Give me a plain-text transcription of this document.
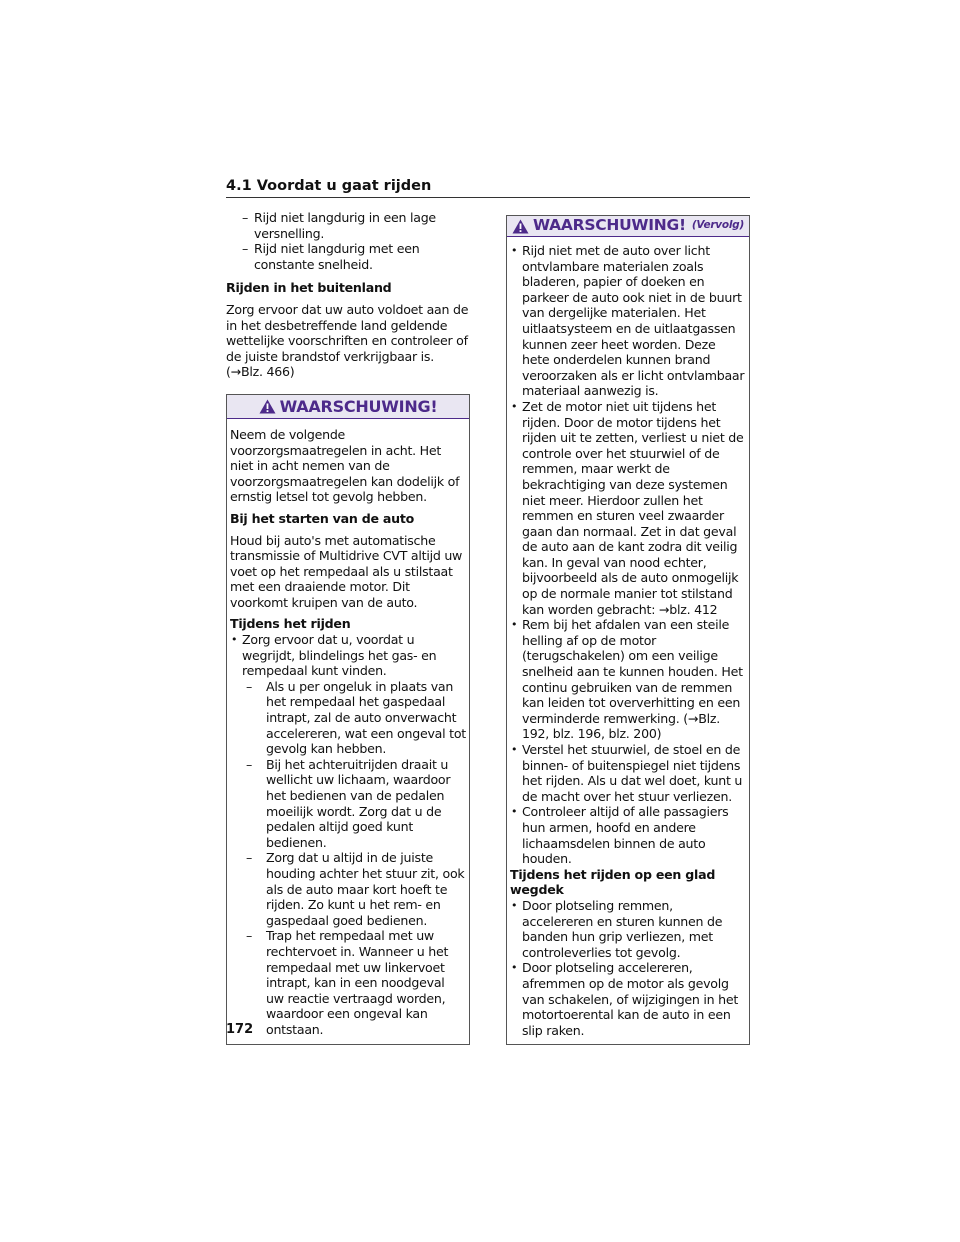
4.1 Voordat u gaat rijden
– Rijd niet langdurig in een lage versnelling.
– Rijd niet langdurig met een constante snelheid.

Rijden in het buitenland

Zorg ervoor dat uw auto voldoet aan de in het desbetreffende land geldende wettelijke voorschriften en controleer of de juiste brandstof verkrijgbaar is. (→Blz. 466)

WAARSCHUWING!

Neem de volgende voorzorgsmaatregelen in acht. Het niet in acht nemen van de voorzorgsmaatregelen kan dodelijk of ernstig letsel tot gevolg hebben.

Bij het starten van de auto

Houd bij auto's met automatische transmissie of Multidrive CVT altijd uw voet op het rempedaal als u stilstaat met een draaiende motor. Dit voorkomt kruipen van de auto.

Tijdens het rijden

• Zorg ervoor dat u, voordat u wegrijdt, blindelings het gas- en rempedaal kunt vinden.
– Als u per ongeluk in plaats van het rempedaal het gaspedaal intrapt, zal de auto onverwacht accelereren, wat een ongeval tot gevolg kan hebben.
– Bij het achteruitrijden draait u wellicht uw lichaam, waardoor het bedienen van de pedalen moeilijk wordt. Zorg dat u de pedalen altijd goed kunt bedienen.
– Zorg dat u altijd in de juiste houding achter het stuur zit, ook als de auto maar kort hoeft te rijden. Zo kunt u het rem- en gaspedaal goed bedienen.
– Trap het rempedaal met uw rechtervoet in. Wanneer u het rempedaal met uw linkervoet intrapt, kan in een noodgeval uw reactie vertraagd worden, waardoor een ongeval kan ontstaan.
WAARSCHUWING! (Vervolg)
• Rijd niet met de auto over licht ontvlambare materialen zoals bladeren, papier of doeken en parkeer de auto ook niet in de buurt van dergelijke materialen. Het uitlaatsysteem en de uitlaatgassen kunnen zeer heet worden. Deze hete onderdelen kunnen brand veroorzaken als er licht ontvlambaar materiaal aanwezig is.
• Zet de motor niet uit tijdens het rijden. Door de motor tijdens het rijden uit te zetten, verliest u niet de controle over het stuurwiel of de remmen, maar werkt de bekrachtiging van deze systemen niet meer. Hierdoor zullen het remmen en sturen veel zwaarder gaan dan normaal. Zet in dat geval de auto aan de kant zodra dit veilig kan. In geval van nood echter, bijvoorbeeld als de auto onmogelijk op de normale manier tot stilstand kan worden gebracht: →blz. 412
• Rem bij het afdalen van een steile helling af op de motor (terugschakelen) om een veilige snelheid aan te kunnen houden. Het continu gebruiken van de remmen kan leiden tot oververhitting en een verminderde remwerking. (→Blz. 192, blz. 196, blz. 200)
• Verstel het stuurwiel, de stoel en de binnen- of buitenspiegel niet tijdens het rijden. Als u dat wel doet, kunt u de macht over het stuur verliezen.
• Controleer altijd of alle passagiers hun armen, hoofd en andere lichaamsdelen binnen de auto houden.

Tijdens het rijden op een glad wegdek

• Door plotseling remmen, accelereren en sturen kunnen de banden hun grip verliezen, met controleverlies tot gevolg.
• Door plotseling accelereren, afremmen op de motor als gevolg van schakelen, of wijzigingen in het motortoerental kan de auto in een slip raken.
172
